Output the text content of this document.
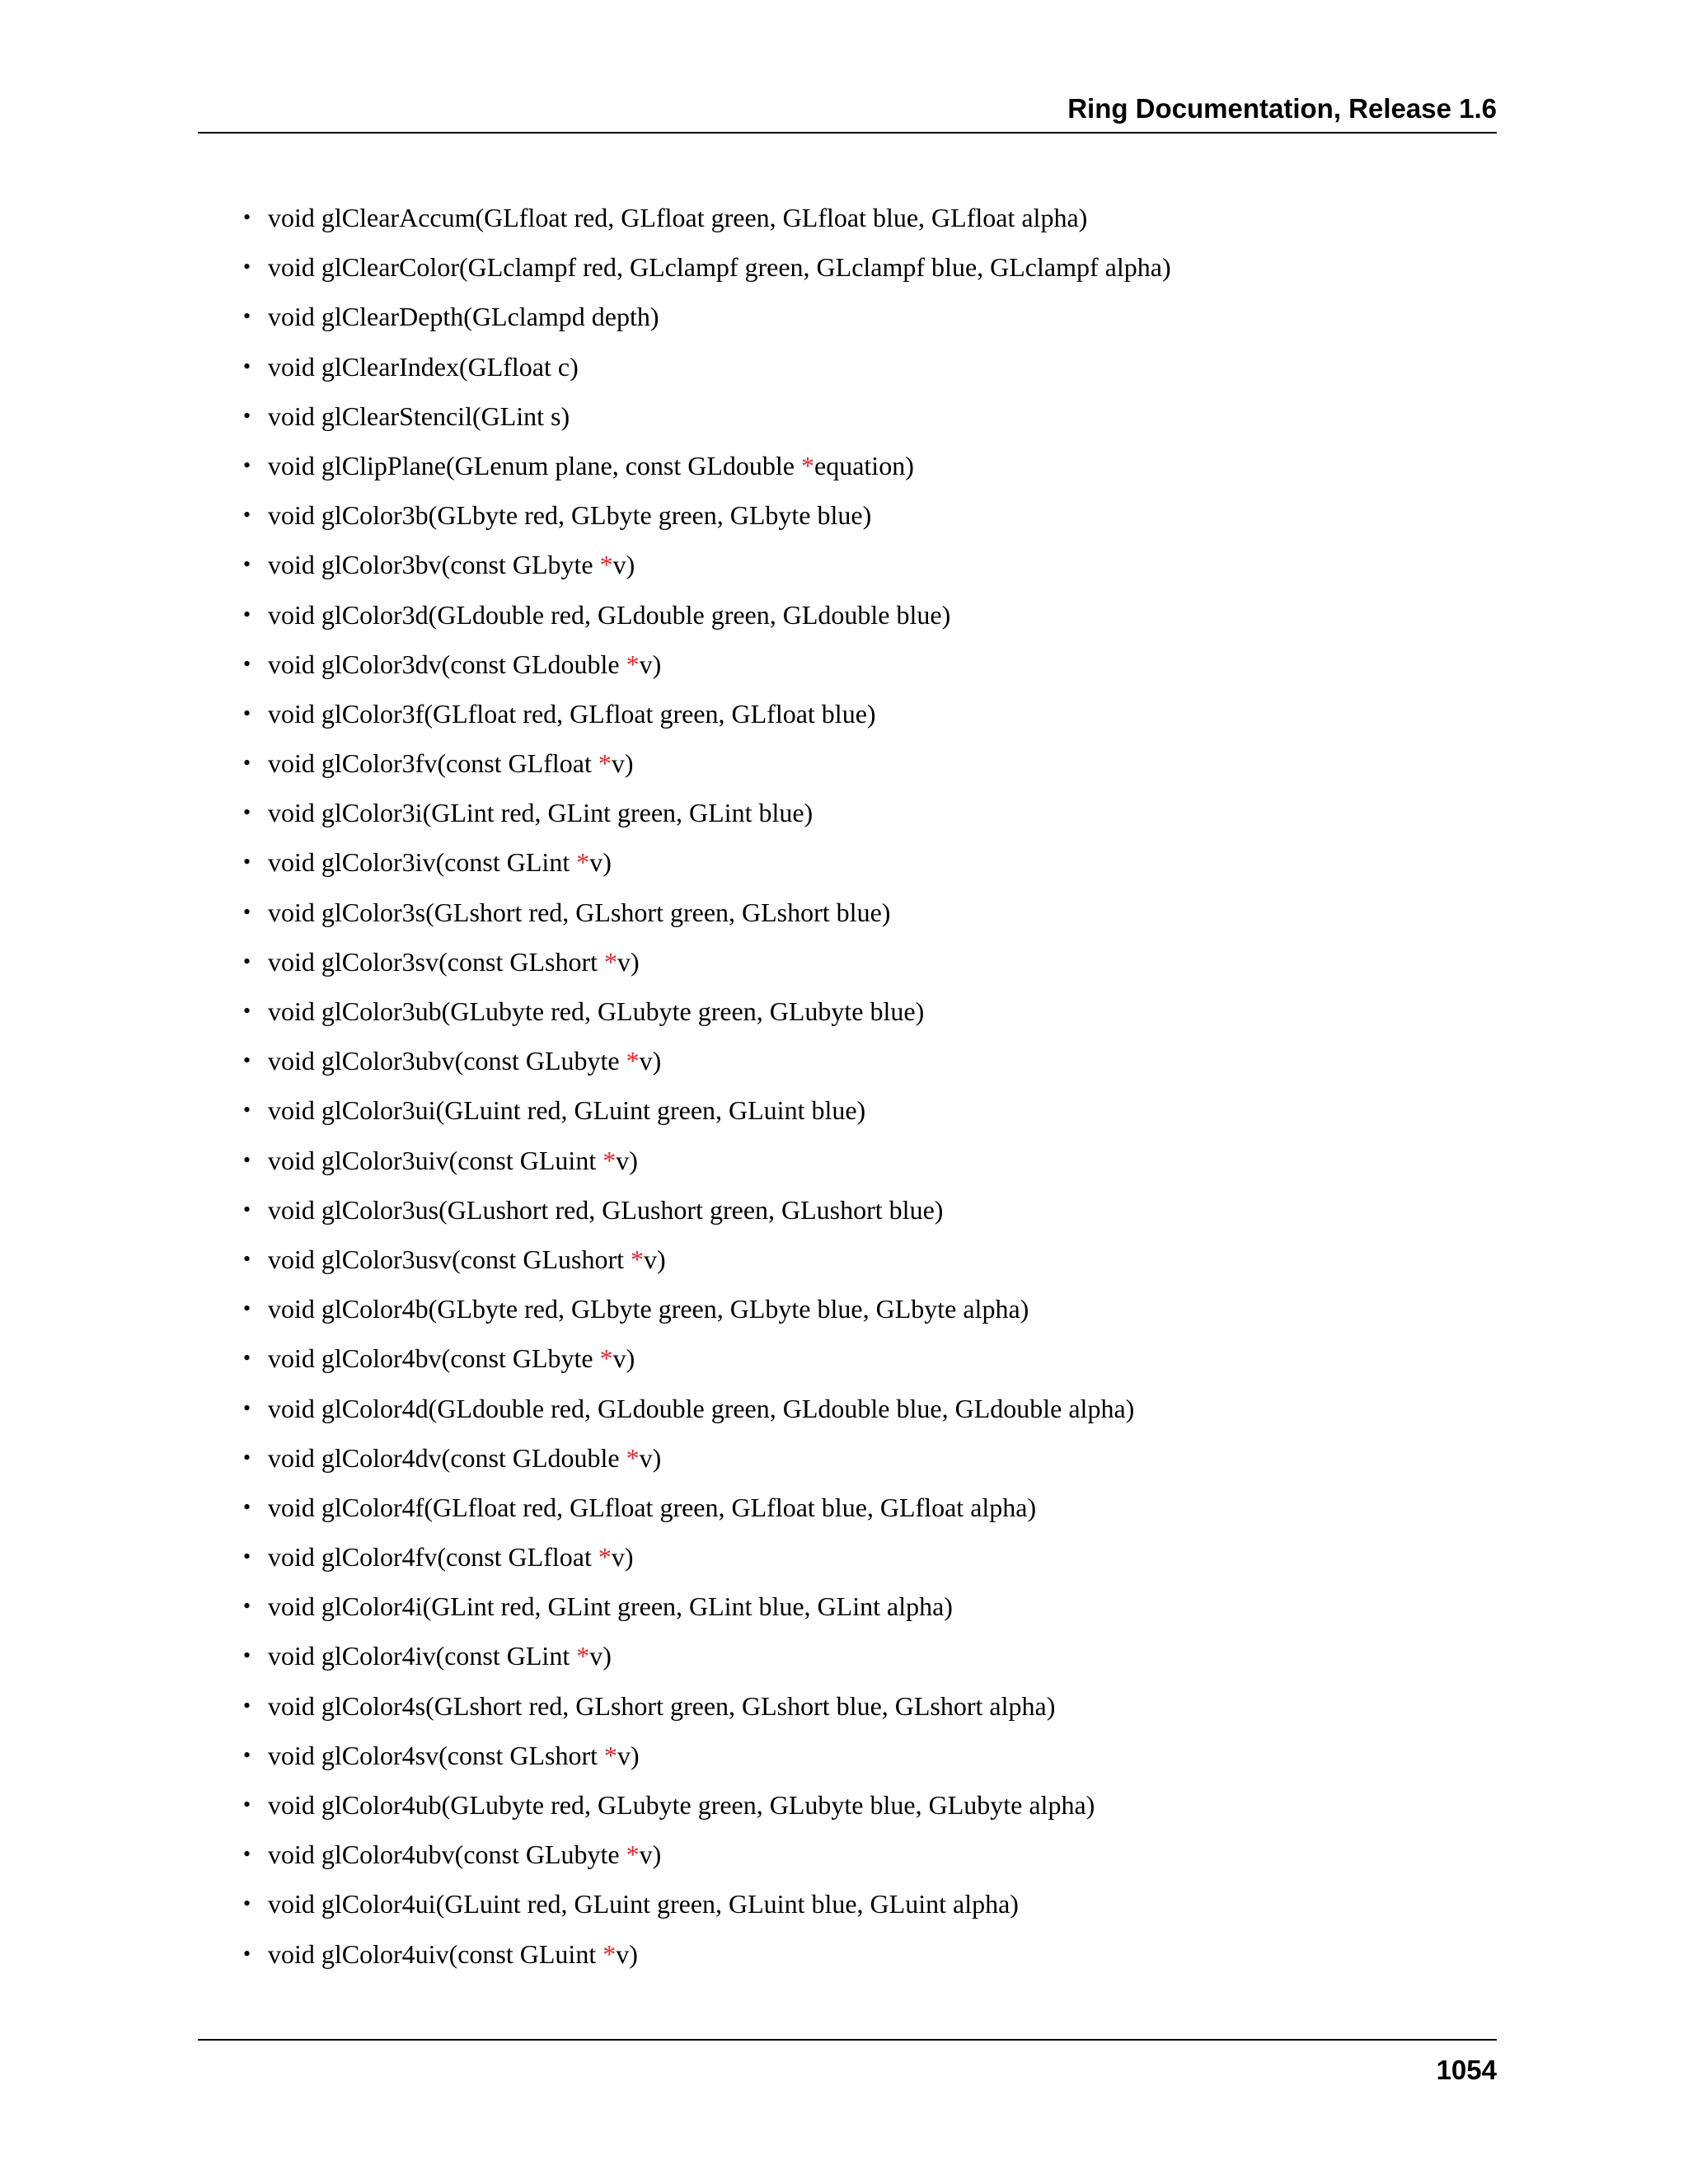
Ring Documentation, Release 1.6
• void glClearAccum(GLfloat red, GLfloat green, GLfloat blue, GLfloat alpha)
• void glClearColor(GLclampf red, GLclampf green, GLclampf blue, GLclampf alpha)
• void glClearDepth(GLclampd depth)
• void glClearIndex(GLfloat c)
• void glClearStencil(GLint s)
• void glClipPlane(GLenum plane, const GLdouble *equation)
• void glColor3b(GLbyte red, GLbyte green, GLbyte blue)
• void glColor3bv(const GLbyte *v)
• void glColor3d(GLdouble red, GLdouble green, GLdouble blue)
• void glColor3dv(const GLdouble *v)
• void glColor3f(GLfloat red, GLfloat green, GLfloat blue)
• void glColor3fv(const GLfloat *v)
• void glColor3i(GLint red, GLint green, GLint blue)
• void glColor3iv(const GLint *v)
• void glColor3s(GLshort red, GLshort green, GLshort blue)
• void glColor3sv(const GLshort *v)
• void glColor3ub(GLubyte red, GLubyte green, GLubyte blue)
• void glColor3ubv(const GLubyte *v)
• void glColor3ui(GLuint red, GLuint green, GLuint blue)
• void glColor3uiv(const GLuint *v)
• void glColor3us(GLushort red, GLushort green, GLushort blue)
• void glColor3usv(const GLushort *v)
• void glColor4b(GLbyte red, GLbyte green, GLbyte blue, GLbyte alpha)
• void glColor4bv(const GLbyte *v)
• void glColor4d(GLdouble red, GLdouble green, GLdouble blue, GLdouble alpha)
• void glColor4dv(const GLdouble *v)
• void glColor4f(GLfloat red, GLfloat green, GLfloat blue, GLfloat alpha)
• void glColor4fv(const GLfloat *v)
• void glColor4i(GLint red, GLint green, GLint blue, GLint alpha)
• void glColor4iv(const GLint *v)
• void glColor4s(GLshort red, GLshort green, GLshort blue, GLshort alpha)
• void glColor4sv(const GLshort *v)
• void glColor4ub(GLubyte red, GLubyte green, GLubyte blue, GLubyte alpha)
• void glColor4ubv(const GLubyte *v)
• void glColor4ui(GLuint red, GLuint green, GLuint blue, GLuint alpha)
• void glColor4uiv(const GLuint *v)
1054
